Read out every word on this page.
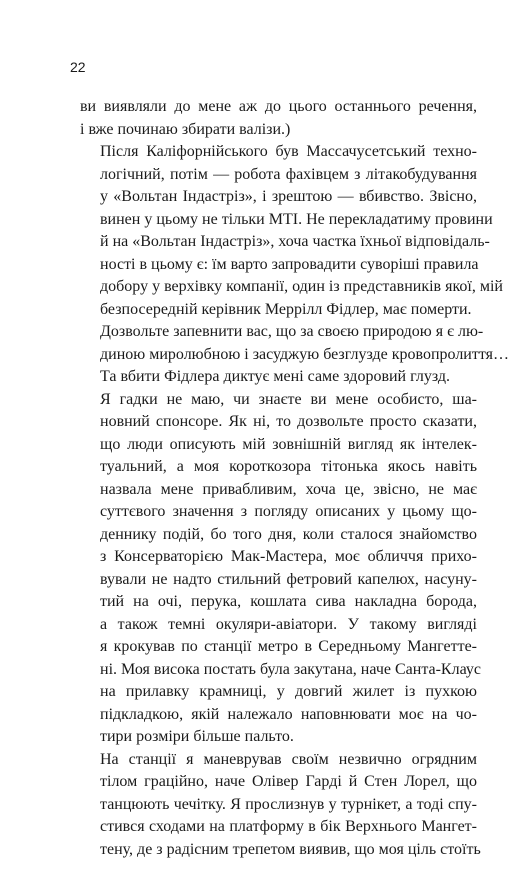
22

ви виявляли до мене аж до цього останнього речення,
і вже починаю збирати валізи.)

Після Каліфорнійського був Массачусетський техно-
логічний, потім — робота фахівцем з літакобудування
у «Вольтан Індастріз», і зрештою — вбивство. Звісно,
винен у цьому не тільки МТІ. Не перекладатиму провини
й на «Вольтан Індастріз», хоча частка їхньої відповідаль-
ності в цьому є: їм варто запровадити суворіші правила
добору у верхівку компанії, один із представників якої, мій
безпосередній керівник Меррілл Фідлер, має померти.

Дозвольте запевнити вас, що за своєю природою я є лю-
диною миролюбною і засуджую безглузде кровопролиття…
Та вбити Фідлера диктує мені саме здоровий глузд.

Я гадки не маю, чи знаєте ви мене особисто, ша-
новний спонсоре. Як ні, то дозвольте просто сказати,
що люди описують мій зовнішній вигляд як інтелек-
туальний, а моя короткозора тітонька якось навіть
назвала мене привабливим, хоча це, звісно, не має
суттєвого значення з погляду описаних у цьому що-
деннику подій, бо того дня, коли сталося знайомство
з Консерваторією Мак-Мастера, моє обличчя прихо-
вували не надто стильний фетровий капелюх, насуну-
тий на очі, перука, кошлата сива накладна борода,
а також темні окуляри-авіатори. У такому вигляді
я крокував по станції метро в Середньому Мангетте-
ні. Моя висока постать була закутана, наче Санта-Клаус
на прилавку крамниці, у довгий жилет із пухкою
підкладкою, якій належало наповнювати моє на чо-
тири розміри більше пальто.

На станції я маневрував своїм незвично огрядним
тілом граційно, наче Олівер Гарді й Стен Лорел, що
танцюють чечітку. Я прослизнув у турнікет, а тоді спу-
стився сходами на платформу в бік Верхнього Мангет-
тену, де з радісним трепетом виявив, що моя ціль стоїть
